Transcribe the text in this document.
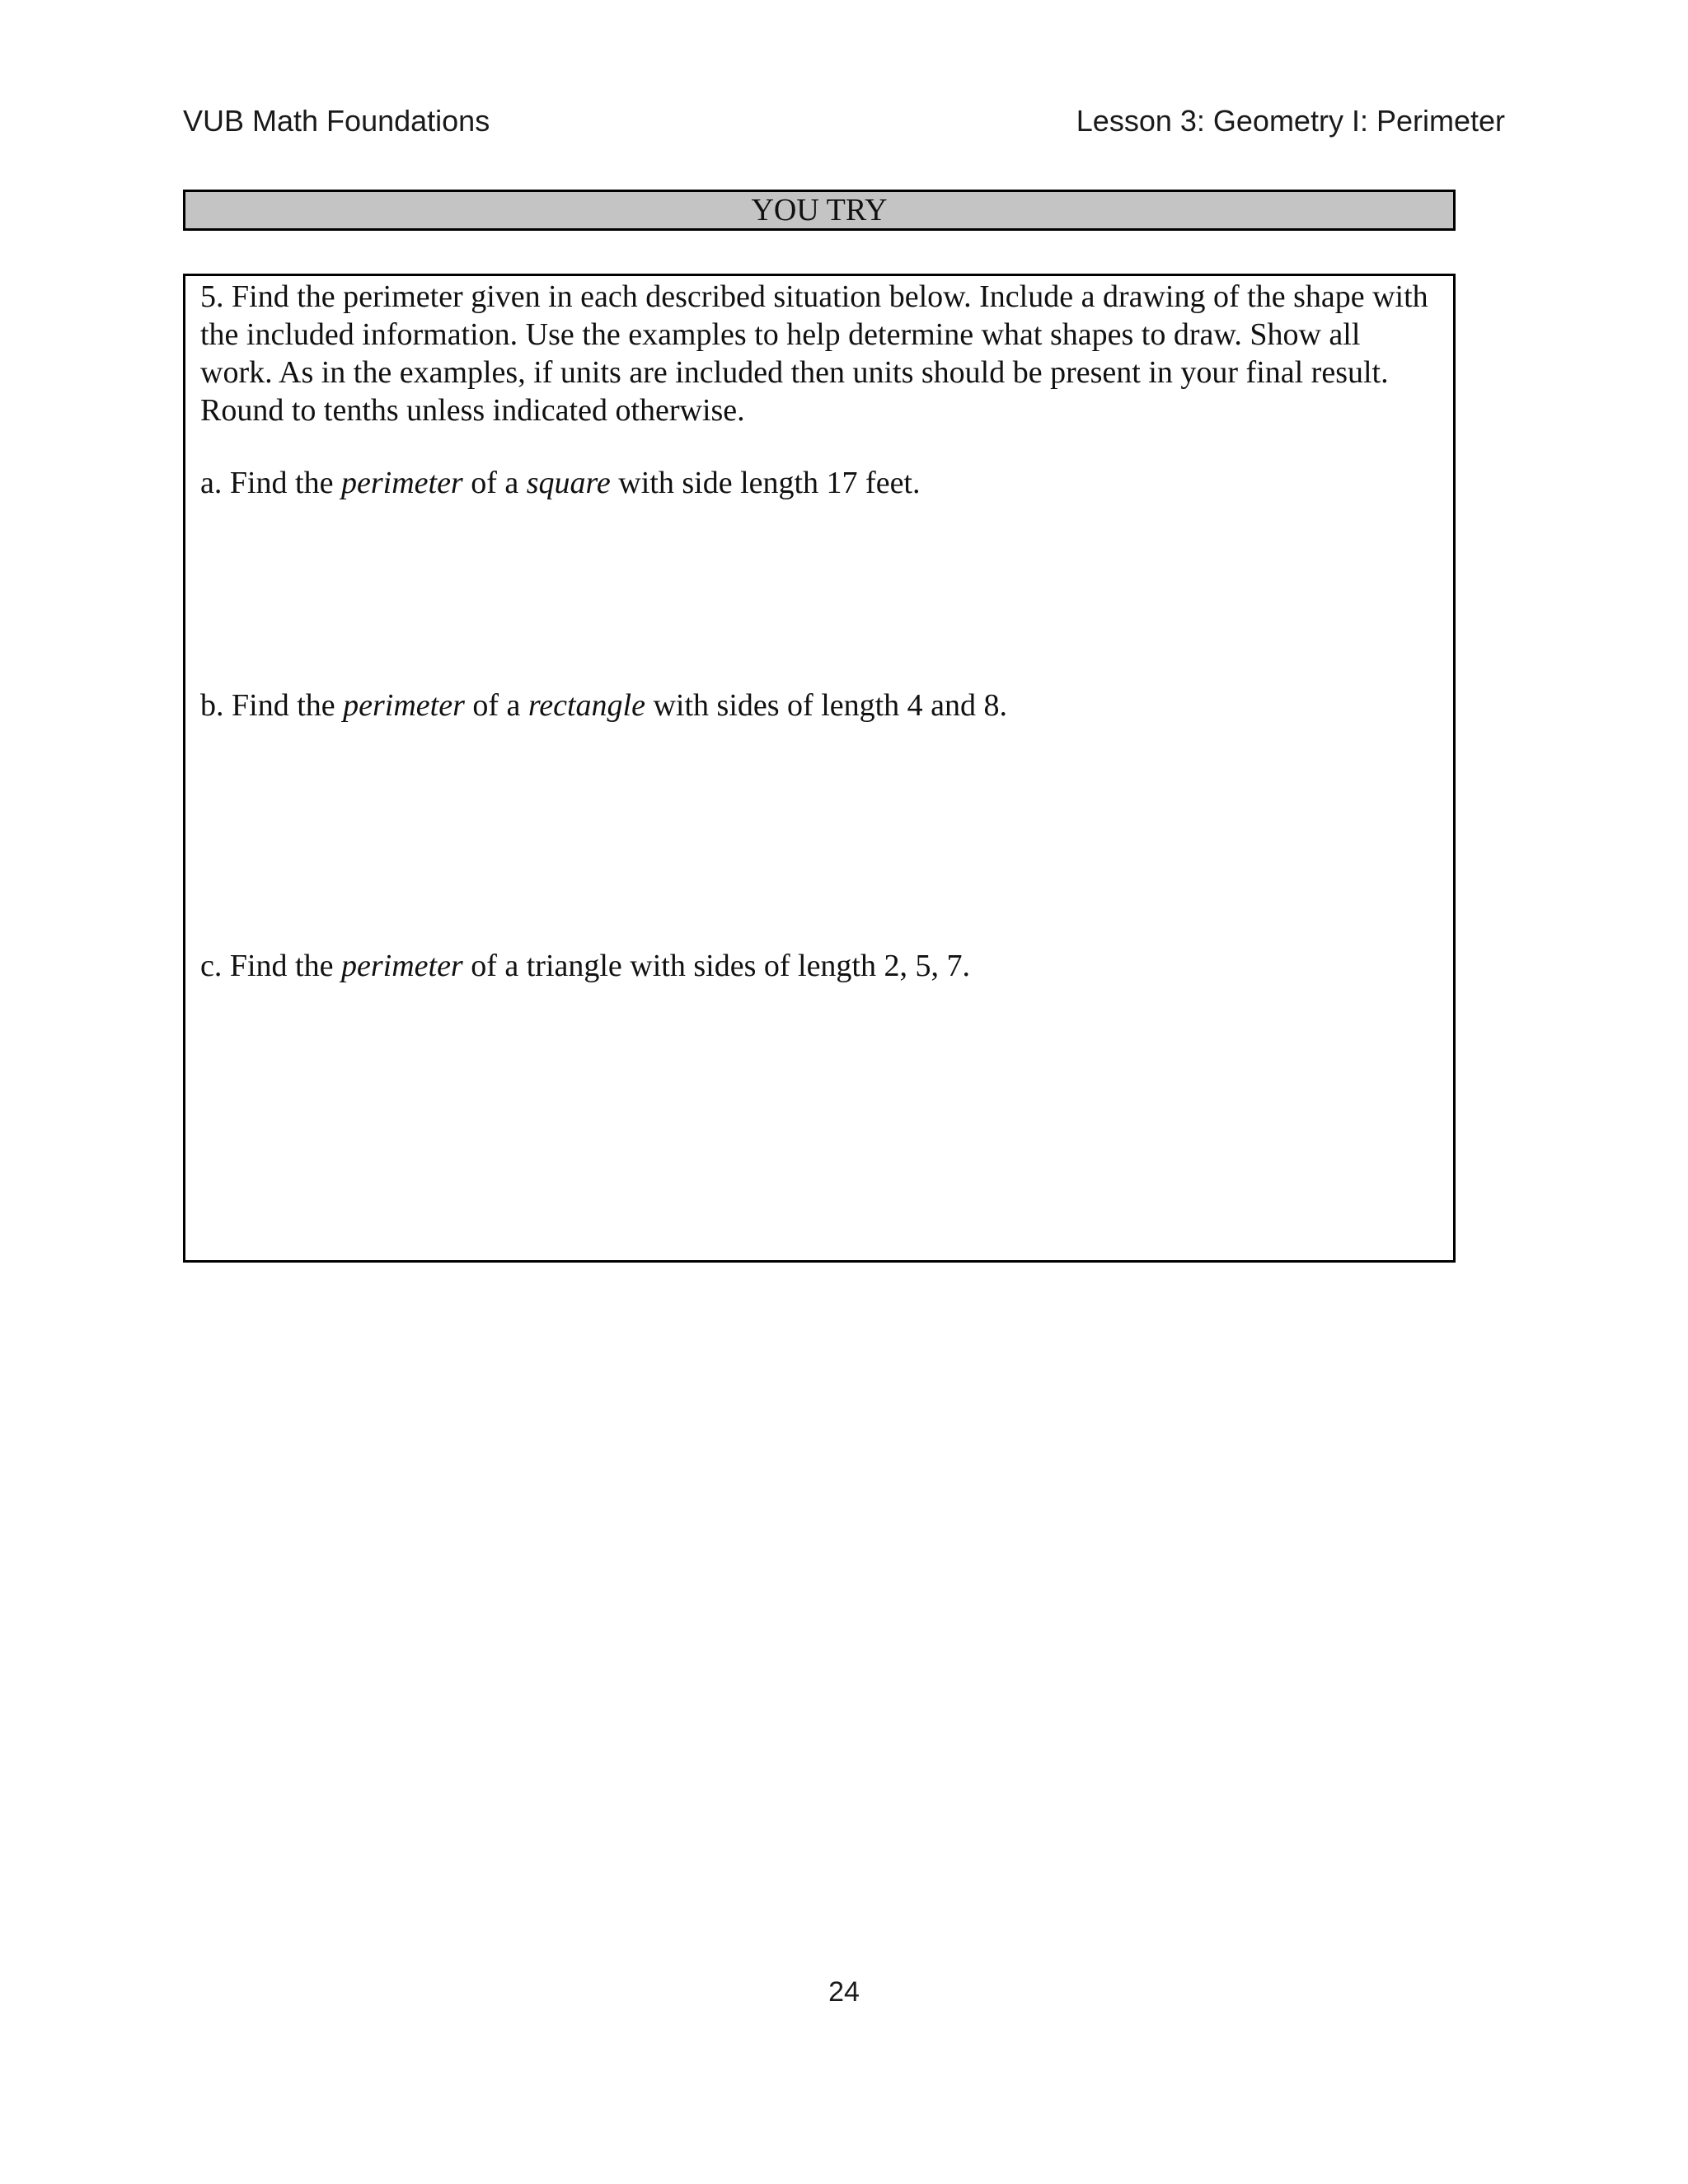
VUB Math Foundations	Lesson 3: Geometry I: Perimeter
YOU TRY

5. Find the perimeter given in each described situation below. Include a drawing of the shape with the included information. Use the examples to help determine what shapes to draw. Show all work. As in the examples, if units are included then units should be present in your final result. Round to tenths unless indicated otherwise.

a. Find the perimeter of a square with side length 17 feet.

b. Find the perimeter of a rectangle with sides of length 4 and 8.

c. Find the perimeter of a triangle with sides of length 2, 5, 7.

24
